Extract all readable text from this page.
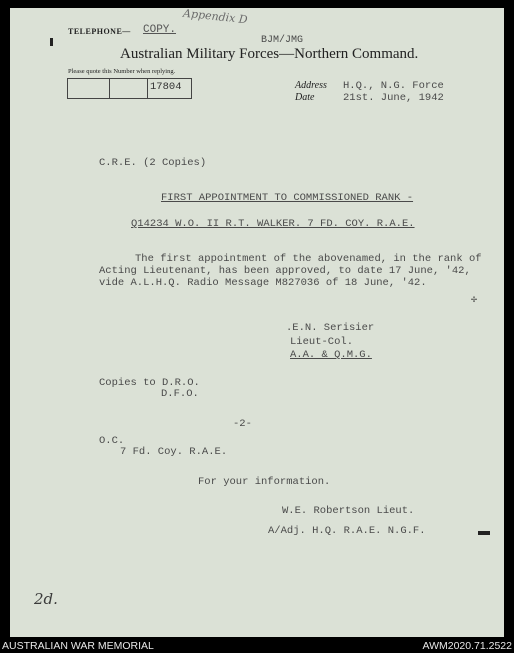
TELEPHONE— COPY.
Appendix D
BJM/JMG
Australian Military Forces—Northern Command.
Please quote this Number when replying.
17804	Address H.Q., N.G. Force
Date	21st. June, 1942
C.R.E. (2 Copies)
FIRST APPOINTMENT TO COMMISSIONED RANK -
Q14234 W.O. II R.T. WALKER. 7 FD. COY. R.A.E.
The first appointment of the abovenamed, in the rank of
Acting Lieutenant, has been approved, to date 17 June, '42,
vide A.L.H.Q. Radio Message M827036 of 18 June, '42.
✢
.E.N. Serisier
Lieut-Col.
A.A. & Q.M.G.
Copies to D.R.O.
D.F.O.
-2-
O.C.
7 Fd. Coy. R.A.E.
For your information.
W.E. Robertson Lieut.
A/Adj. H.Q. R.A.E. N.G.F.
2d.
AUSTRALIAN WAR MEMORIAL	AWM2020.71.2522
